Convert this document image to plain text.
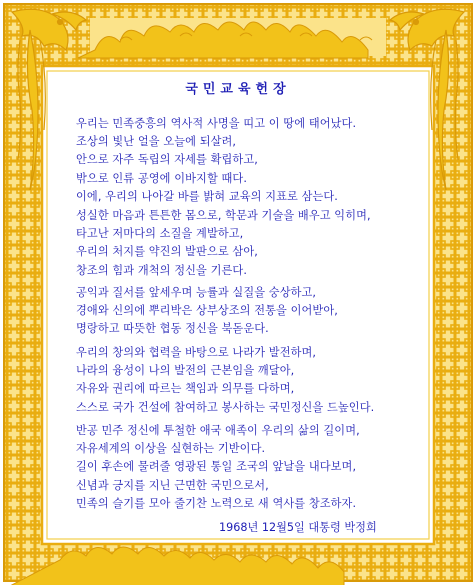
국민교육헌장
우리는 민족중흥의 역사적 사명을 띠고 이 땅에 태어났다.
조상의 빛난 얼을 오늘에 되살려,
안으로 자주 독립의 자세를 확립하고,
밖으로 인류 공영에 이바지할 때다.
이에, 우리의 나아갈 바를 밝혀 교육의 지표로 삼는다.
성실한 마음과 튼튼한 몸으로, 학문과 기술을 배우고 익히며,
타고난 저마다의 소질을 계발하고,
우리의 처지를 약진의 발판으로 삼아,
창조의 힘과 개척의 정신을 기른다.
공익과 질서를 앞세우며 능률과 실질을 숭상하고,
경애와 신의에 뿌리박은 상부상조의 전통을 이어받아,
명랑하고 따뜻한 협동 정신을 북돋운다.
우리의 창의와 협력을 바탕으로 나라가 발전하며,
나라의 융성이 나의 발전의 근본임을 깨달아,
자유와 권리에 따르는 책임과 의무를 다하며,
스스로 국가 건설에 참여하고 봉사하는 국민정신을 드높인다.
반공 민주 정신에 투철한 애국 애족이 우리의 삶의 길이며,
자유세계의 이상을 실현하는 기반이다.
길이 후손에 물려줄 영광된 통일 조국의 앞날을 내다보며,
신념과 긍지를 지닌 근면한 국민으로서,
민족의 슬기를 모아 줄기찬 노력으로 새 역사를 창조하자.
1968년 12월5일 대통령 박정희
